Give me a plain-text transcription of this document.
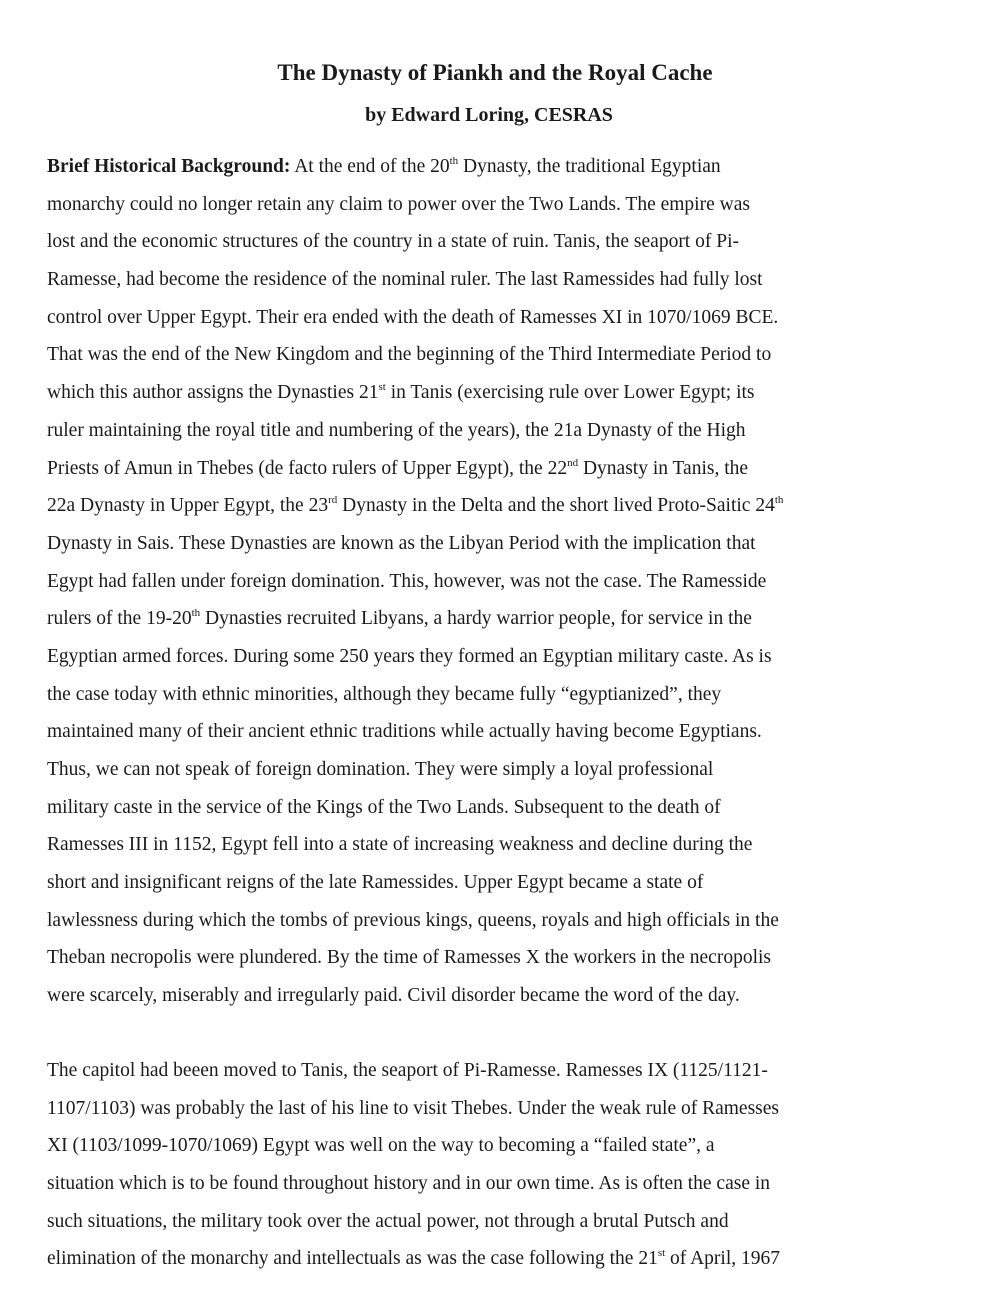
The Dynasty of Piankh and the Royal Cache
by Edward Loring, CESRAS
Brief Historical Background: At the end of the 20th Dynasty, the traditional Egyptian
monarchy could no longer retain any claim to power over the Two Lands. The empire was
lost and the economic structures of the country in a state of ruin. Tanis, the seaport of Pi-
Ramesse, had become the residence of the nominal ruler. The last Ramessides had fully lost
control over Upper Egypt. Their era ended with the death of Ramesses XI in 1070/1069 BCE.
That was the end of the New Kingdom and the beginning of the Third Intermediate Period to
which this author assigns the Dynasties 21st in Tanis (exercising rule over Lower Egypt; its
ruler maintaining the royal title and numbering of the years), the 21a Dynasty of the High
Priests of Amun in Thebes (de facto rulers of Upper Egypt), the 22nd Dynasty in Tanis, the
22a Dynasty in Upper Egypt, the 23rd Dynasty in the Delta and the short lived Proto-Saitic 24th
Dynasty in Sais. These Dynasties are known as the Libyan Period with the implication that
Egypt had fallen under foreign domination. This, however, was not the case. The Ramesside
rulers of the 19-20th Dynasties recruited Libyans, a hardy warrior people, for service in the
Egyptian armed forces. During some 250 years they formed an Egyptian military caste. As is
the case today with ethnic minorities, although they became fully “egyptianized”, they
maintained many of their ancient ethnic traditions while actually having become Egyptians.
Thus, we can not speak of foreign domination. They were simply a loyal professional
military caste in the service of the Kings of the Two Lands. Subsequent to the death of
Ramesses III in 1152, Egypt fell into a state of increasing weakness and decline during the
short and insignificant reigns of the late Ramessides. Upper Egypt became a state of
lawlessness during which the tombs of previous kings, queens, royals and high officials in the
Theban necropolis were plundered. By the time of Ramesses X the workers in the necropolis
were scarcely, miserably and irregularly paid. Civil disorder became the word of the day.
The capitol had beeen moved to Tanis, the seaport of Pi-Ramesse. Ramesses IX (1125/1121-
1107/1103) was probably the last of his line to visit Thebes. Under the weak rule of Ramesses
XI (1103/1099-1070/1069) Egypt was well on the way to becoming a “failed state”, a
situation which is to be found throughout history and in our own time. As is often the case in
such situations, the military took over the actual power, not through a brutal Putsch and
elimination of the monarchy and intellectuals as was the case following the 21st of April, 1967
